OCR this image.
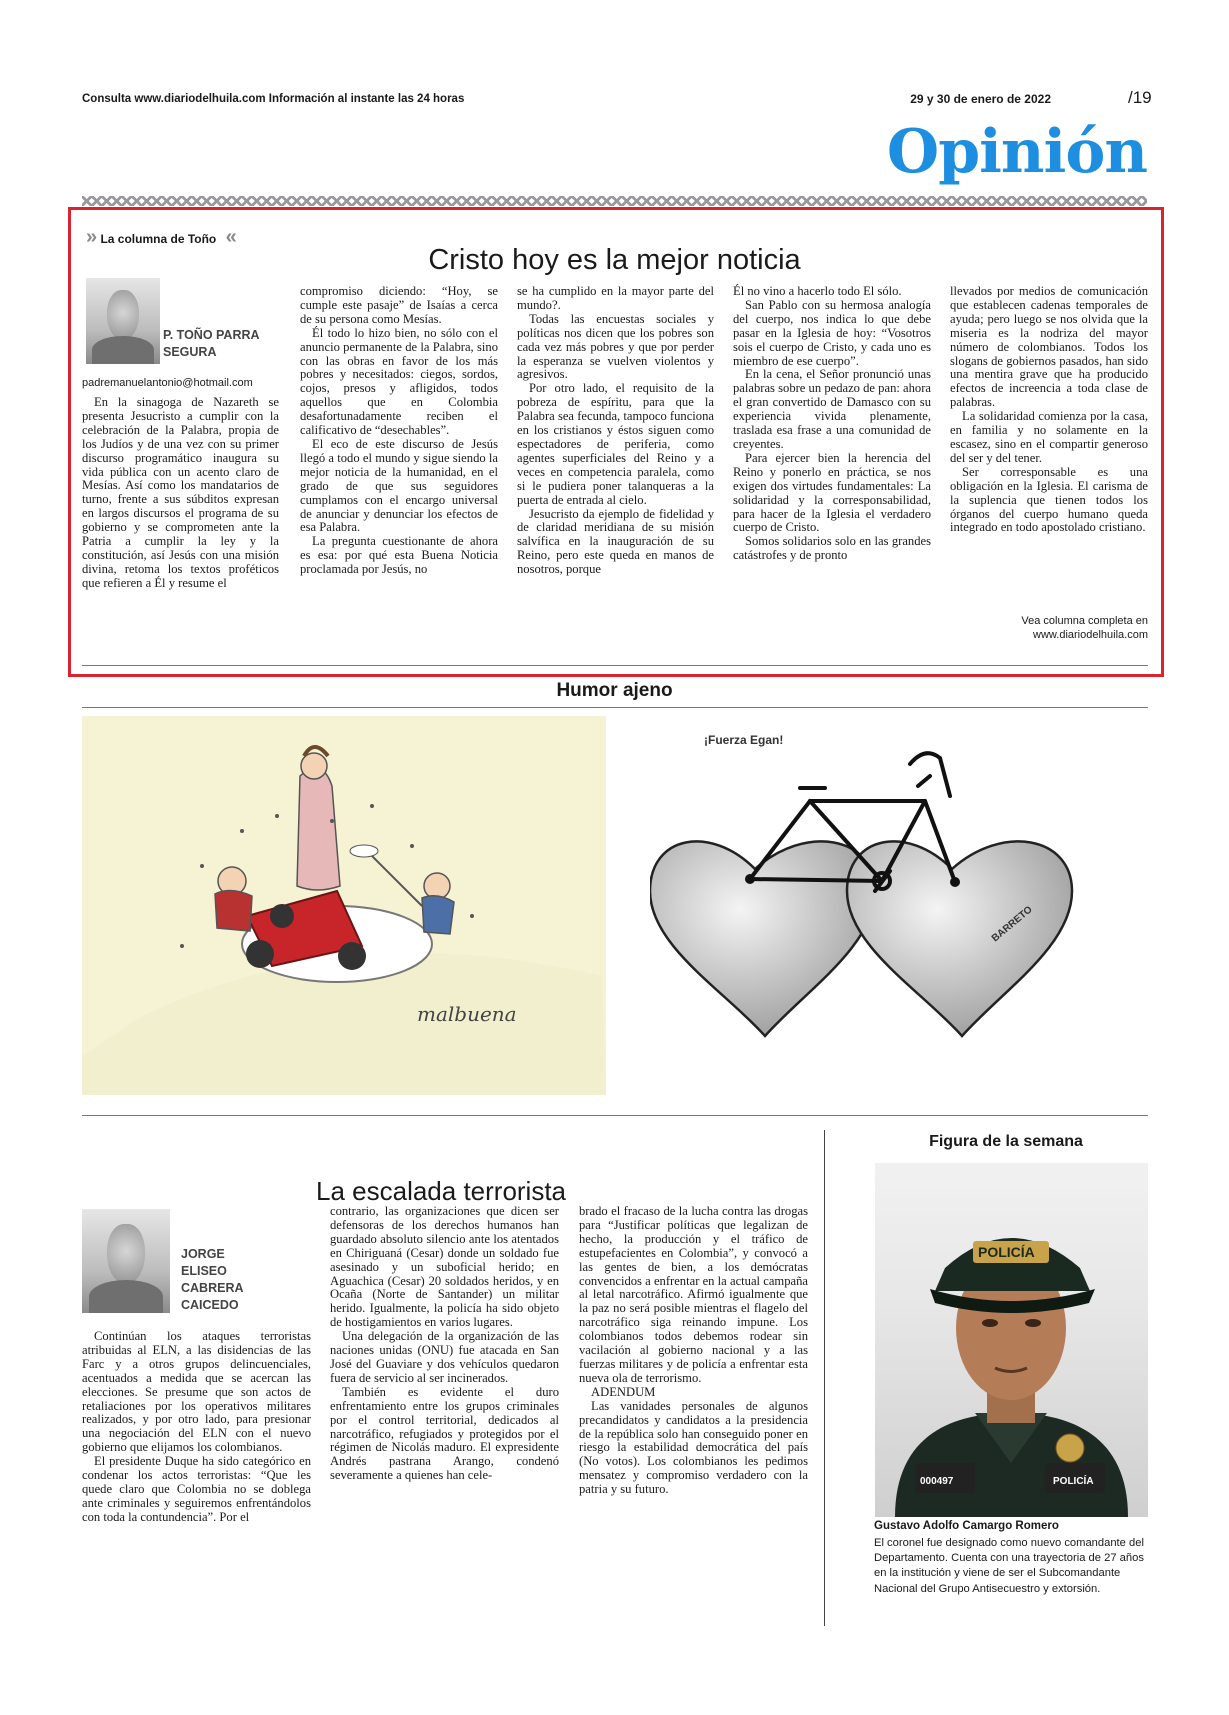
Consulta www.diariodelhuila.com Información al instante las 24 horas	29 y 30 de enero de 2022	/19
Opinión
» La columna de Toño «
Cristo hoy es la mejor noticia
P. TOÑO PARRA
SEGURA
padremanuelantonio@hotmail.com

En la sinagoga de Nazareth se presenta Jesucristo a cumplir con la celebración de la Palabra, propia de los Judíos y de una vez con su primer discurso programático inaugura su vida pública con un acento claro de Mesías. Así como los mandatarios de turno, frente a sus súbditos expresan en largos discursos el programa de su gobierno y se comprometen ante la Patria a cumplir la ley y la constitución, así Jesús con una misión divina, retoma los textos proféticos que refieren a Él y resume el

compromiso diciendo: “Hoy, se cumple este pasaje” de Isaías a cerca de su persona como Mesías.

Él todo lo hizo bien, no sólo con el anuncio permanente de la Palabra, sino con las obras en favor de los más pobres y necesitados: ciegos, sordos, cojos, presos y afligidos, todos aquellos que en Colombia desafortunadamente reciben el calificativo de “desechables”.

El eco de este discurso de Jesús llegó a todo el mundo y sigue siendo la mejor noticia de la humanidad, en el grado de que sus seguidores cumplamos con el encargo universal de anunciar y denunciar los efectos de esa Palabra.

La pregunta cuestionante de ahora es esa: por qué esta Buena Noticia proclamada por Jesús, no

se ha cumplido en la mayor parte del mundo?.

Todas las encuestas sociales y políticas nos dicen que los pobres son cada vez más pobres y que por perder la esperanza se vuelven violentos y agresivos.

Por otro lado, el requisito de la pobreza de espíritu, para que la Palabra sea fecunda, tampoco funciona en los cristianos y éstos siguen como espectadores de periferia, como agentes superficiales del Reino y a veces en competencia paralela, como si le pudiera poner talanqueras a la puerta de entrada al cielo.

Jesucristo da ejemplo de fidelidad y de claridad meridiana de su misión salvífica en la inauguración de su Reino, pero este queda en manos de nosotros, porque

Él no vino a hacerlo todo El sólo.

San Pablo con su hermosa analogía del cuerpo, nos indica lo que debe pasar en la Iglesia de hoy: “Vosotros sois el cuerpo de Cristo, y cada uno es miembro de ese cuerpo”.

En la cena, el Señor pronunció unas palabras sobre un pedazo de pan: ahora el gran convertido de Damasco con su experiencia vivida plenamente, traslada esa frase a una comunidad de creyentes.

Para ejercer bien la herencia del Reino y ponerlo en práctica, se nos exigen dos virtudes fundamentales: La solidaridad y la corresponsabilidad, para hacer de la Iglesia el verdadero cuerpo de Cristo.

Somos solidarios solo en las grandes catástrofes y de pronto

llevados por medios de comunicación que establecen cadenas temporales de ayuda; pero luego se nos olvida que la miseria es la nodriza del mayor número de colombianos. Todos los slogans de gobiernos pasados, han sido una mentira grave que ha producido efectos de increencia a toda clase de palabras.

La solidaridad comienza por la casa, en familia y no solamente en la escasez, sino en el compartir generoso del ser y del tener.

Ser corresponsable es una obligación en la Iglesia. El carisma de la suplencia que tienen todos los órganos del cuerpo humano queda integrado en todo apostolado cristiano.

Vea columna completa en
www.diariodelhuila.com
Humor ajeno
malbuena
BARRETO
¡Fuerza Egan!
La escalada terrorista
JORGE
ELISEO
CABRERA
CAICEDO

Continúan los ataques terroristas atribuidas al ELN, a las disidencias de las Farc y a otros grupos delincuenciales, acentuados a medida que se acercan las elecciones. Se presume que son actos de retaliaciones por los operativos militares realizados, y por otro lado, para presionar una negociación del ELN con el nuevo gobierno que elijamos los colombianos.

El presidente Duque ha sido categórico en condenar los actos terroristas: “Que les quede claro que Colombia no se doblega ante criminales y seguiremos enfrentándolos con toda la contundencia”. Por el

contrario, las organizaciones que dicen ser defensoras de los derechos humanos han guardado absoluto silencio ante los atentados en Chiriguaná (Cesar) donde un soldado fue asesinado y un suboficial herido; en Aguachica (Cesar) 20 soldados heridos, y en Ocaña (Norte de Santander) un militar herido. Igualmente, la policía ha sido objeto de hostigamientos en varios lugares.

Una delegación de la organización de las naciones unidas (ONU) fue atacada en San José del Guaviare y dos vehículos quedaron fuera de servicio al ser incinerados.

También es evidente el duro enfrentamiento entre los grupos criminales por el control territorial, dedicados al narcotráfico, refugiados y protegidos por el régimen de Nicolás maduro. El expresidente Andrés pastrana Arango, condenó severamente a quienes han cele-

brado el fracaso de la lucha contra las drogas para “Justificar políticas que legalizan de hecho, la producción y el tráfico de estupefacientes en Colombia”, y convocó a las gentes de bien, a los demócratas convencidos a enfrentar en la actual campaña al letal narcotráfico. Afirmó igualmente que la paz no será posible mientras el flagelo del narcotráfico siga reinando impune. Los colombianos todos debemos rodear sin vacilación al gobierno nacional y a las fuerzas militares y de policía a enfrentar esta nueva ola de terrorismo.

ADENDUM

Las vanidades personales de algunos precandidatos y candidatos a la presidencia de la república solo han conseguido poner en riesgo la estabilidad democrática del país (No votos). Los colombianos les pedimos mensatez y compromiso verdadero con la patria y su futuro.

Figura de la semana
000497	POLICÍA
POLICÍA
Gustavo Adolfo Camargo Romero
El coronel fue designado como nuevo comandante del Departamento. Cuenta con una trayectoria de 27 años en la institución y viene de ser el Subcomandante Nacional del Grupo Antisecuestro y extorsión.
